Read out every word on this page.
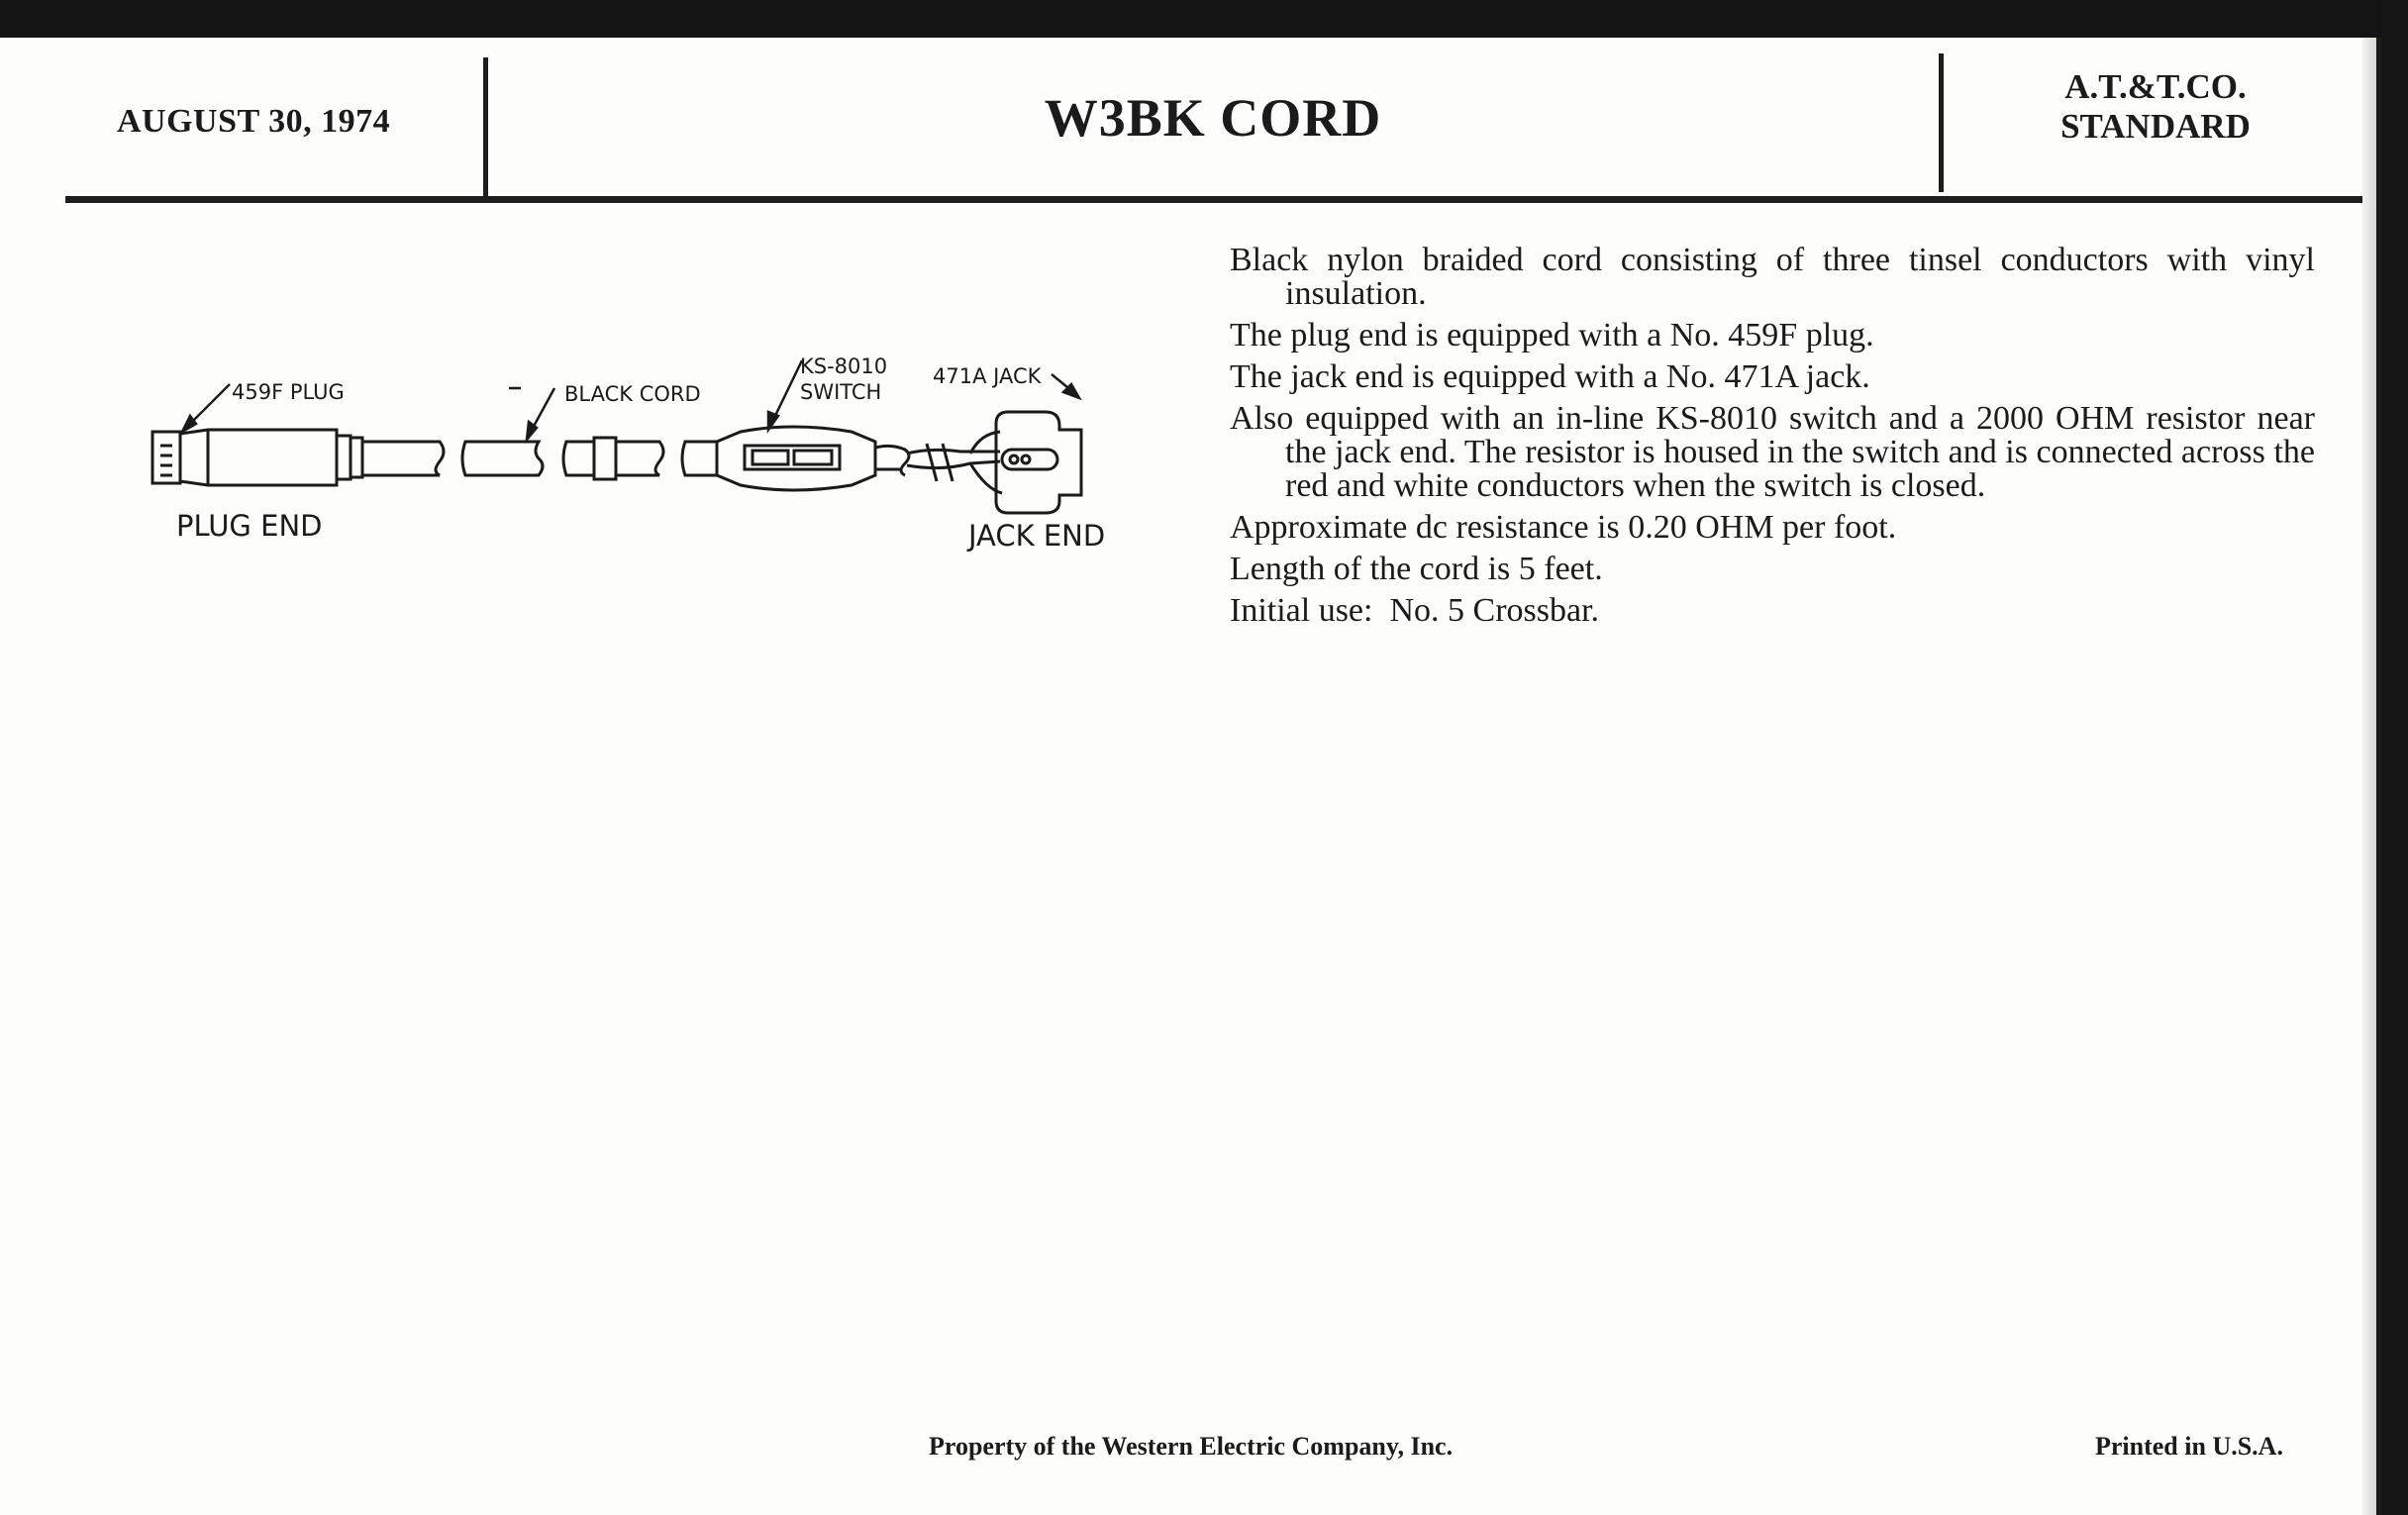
AUGUST 30, 1974	W3BK CORD
A.T.&T.CO.
STANDARD
459F PLUG	BLACK CORD
KS-8010
SWITCH
471A JACK
PLUG END	JACK END

Black nylon braided cord consisting of three tinsel conductors with vinyl insulation.

The plug end is equipped with a No. 459F plug.

The jack end is equipped with a No. 471A jack.

Also equipped with an in-line KS-8010 switch and a 2000 OHM resistor near the jack end. The resistor is housed in the switch and is connected across the red and white conductors when the switch is closed.

Approximate dc resistance is 0.20 OHM per foot.

Length of the cord is 5 feet.

Initial use:  No. 5 Crossbar.

Property of the Western Electric Company, Inc.	Printed in U.S.A.
